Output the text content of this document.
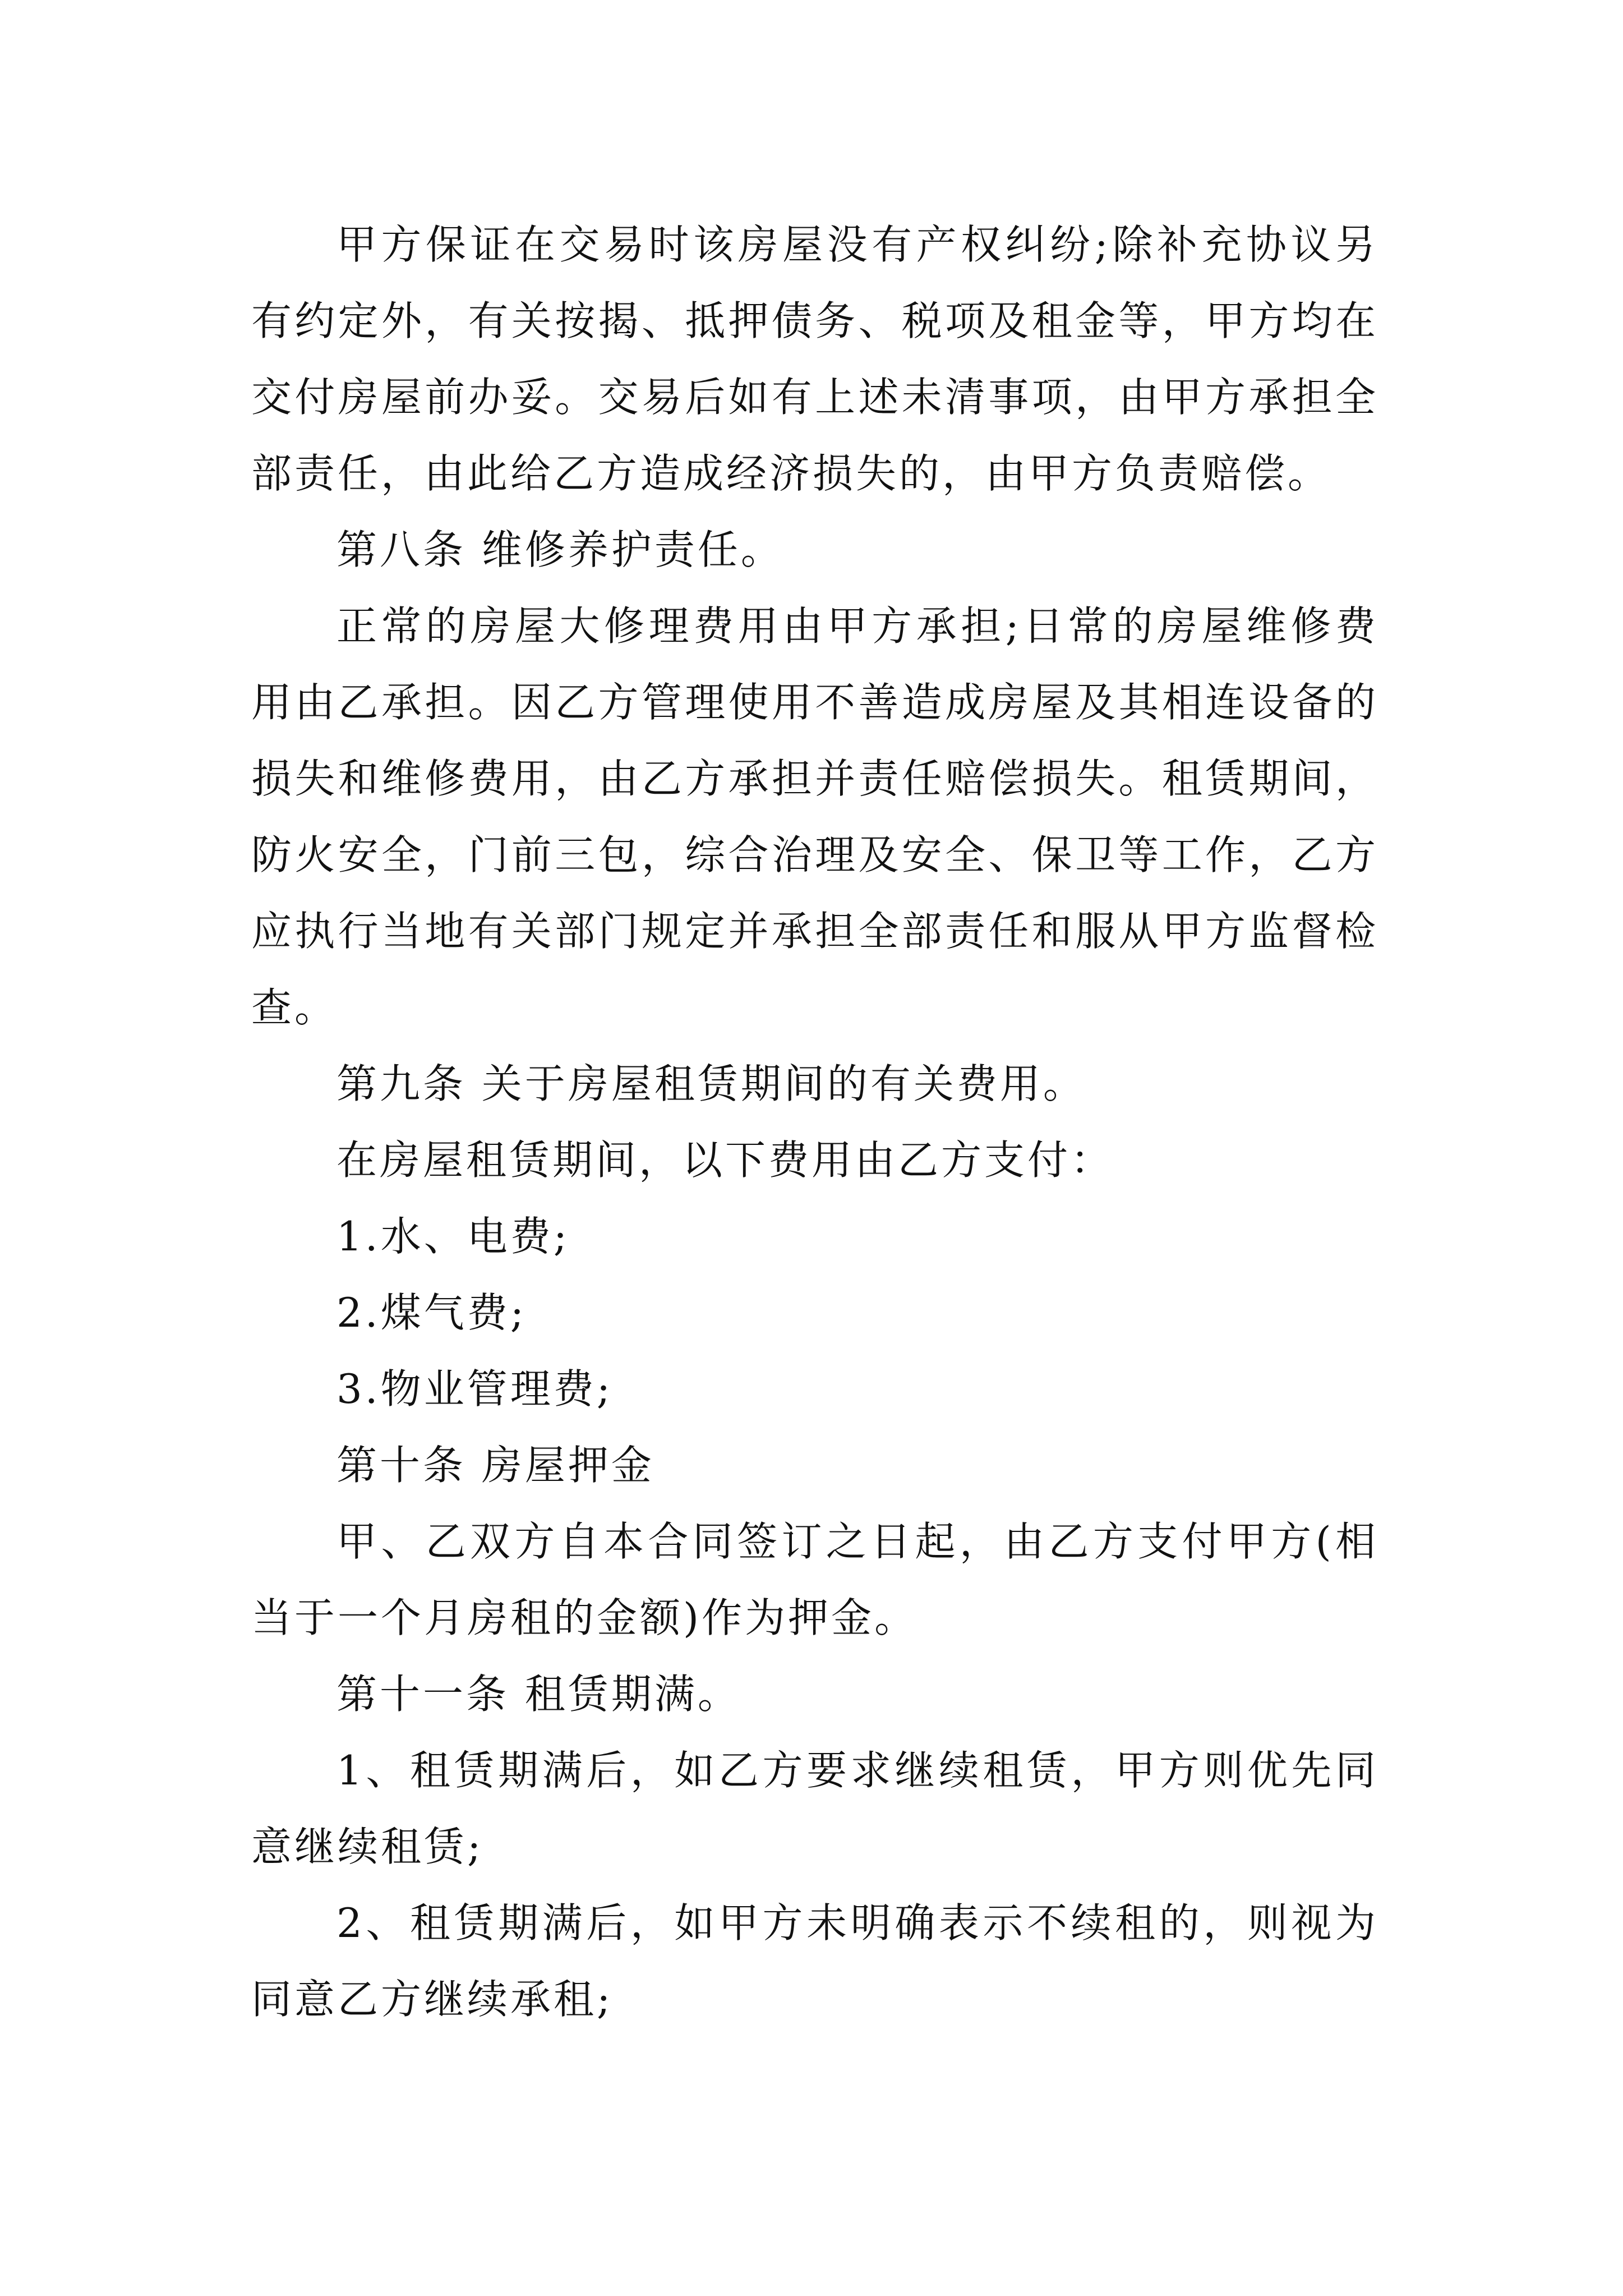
甲方保证在交易时该房屋没有产权纠纷;除补充协议另有约定外，有关按揭、抵押债务、税项及租金等，甲方均在交付房屋前办妥。交易后如有上述未清事项，由甲方承担全部责任，由此给乙方造成经济损失的，由甲方负责赔偿。

第八条 维修养护责任。

正常的房屋大修理费用由甲方承担;日常的房屋维修费用由乙承担。因乙方管理使用不善造成房屋及其相连设备的损失和维修费用，由乙方承担并责任赔偿损失。租赁期间，防火安全，门前三包，综合治理及安全、保卫等工作，乙方应执行当地有关部门规定并承担全部责任和服从甲方监督检查。

第九条 关于房屋租赁期间的有关费用。

在房屋租赁期间，以下费用由乙方支付：

1.水、电费;

2.煤气费;

3.物业管理费;

第十条 房屋押金

甲、乙双方自本合同签订之日起，由乙方支付甲方(相当于一个月房租的金额)作为押金。

第十一条 租赁期满。

1、租赁期满后，如乙方要求继续租赁，甲方则优先同意继续租赁;

2、租赁期满后，如甲方未明确表示不续租的，则视为同意乙方继续承租;
